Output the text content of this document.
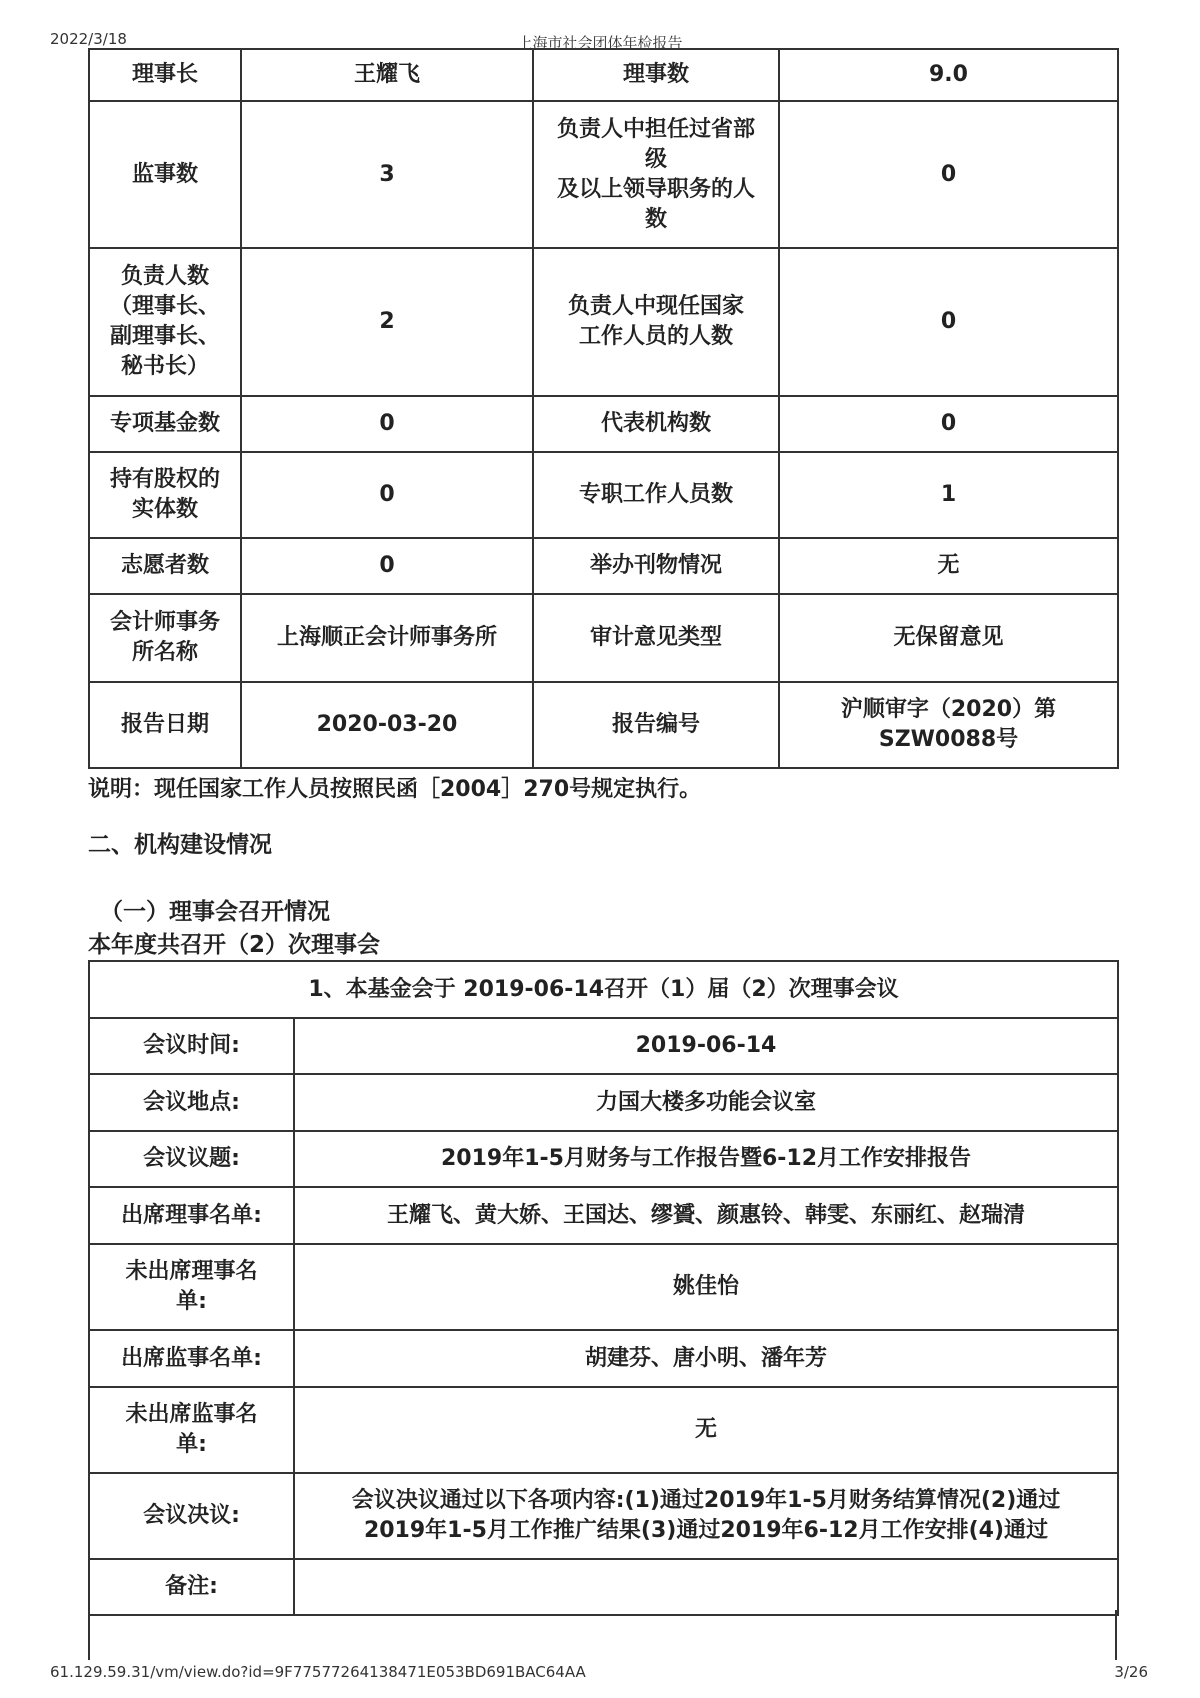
2022/3/18	上海市社会团体年检报告
理事长	王耀飞	理事数	9.0
监事数	3	负责人中担任过省部
级
及以上领导职务的人
数	0
负责人数
（理事长、
副理事长、
秘书长）	2	负责人中现任国家
工作人员的人数	0
专项基金数	0	代表机构数	0
持有股权的
实体数	0	专职工作人员数	1
志愿者数	0	举办刊物情况	无
会计师事务
所名称	上海顺正会计师事务所	审计意见类型	无保留意见
报告日期	2020-03-20	报告编号	沪顺审字（2020）第
SZW0088号
说明：现任国家工作人员按照民函［2004］270号规定执行。
二、机构建设情况
（一）理事会召开情况
本年度共召开（2）次理事会
1、本基金会于 2019-06-14召开（1）届（2）次理事会议	
会议时间:	2019-06-14
会议地点:	力国大楼多功能会议室
会议议题:	2019年1-5月财务与工作报告暨6-12月工作安排报告
出席理事名单:	王耀飞、黄大娇、王国达、缪贇、颜惠铃、韩雯、东丽红、赵瑞清
未出席理事名
单:	姚佳怡
出席监事名单:	胡建芬、唐小明、潘年芳
未出席监事名
单:	无
会议决议:	会议决议通过以下各项内容:(1)通过2019年1-5月财务结算情况(2)通过
2019年1-5月工作推广结果(3)通过2019年6-12月工作安排(4)通过
备注:	
61.129.59.31/vm/view.do?id=9F77577264138471E053BD691BAC64AA	3/26
